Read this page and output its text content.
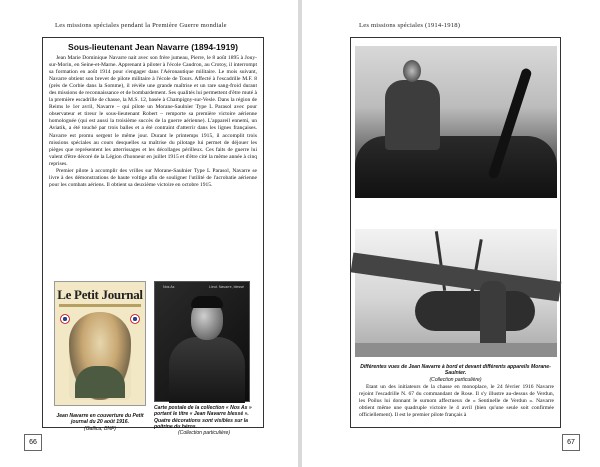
Les missions spéciales pendant la Première Guerre mondiale
Sous-lieutenant Jean Navarre (1894-1919)

Jean Marie Dominique Navarre nait avec son frère jumeau, Pierre, le 8 août 1895 à Jouy-sur-Morin, en Seine-et-Marne. Apprenant à piloter à l'école Caudron, au Crotoy, il interrompt sa formation en août 1914 pour s'engager dans l'Aéronautique militaire. Le mois suivant, Navarre obtient son brevet de pilote militaire à l'école de Tours. Affecté à l'escadrille M.F. 8 (près de Corbie dans la Somme), il révèle une grande maîtrise et un rare sang-froid durant des missions de reconnaissance et de bombardement. Ses qualités lui permettent d'être muté à la première escadrille de chasse, la M.S. 12, basée à Champigny-sur-Vesle. Dans la région de Reims le 1er avril, Navarre – qui pilote un Morane-Saulnier Type L Parasol avec pour observateur et tireur le sous-lieutenant Robert – remporte sa première victoire aérienne homologuée (qui est aussi la troisième succès de la guerre aérienne). L'appareil ennemi, un Aviatik, a été touché par trois balles et a été contraint d'atterrir dans les lignes françaises. Navarre est promu sergent le même jour. Durant le printemps 1915, il accomplit trois missions spéciales au cours desquelles sa maîtrise du pilotage lui permet de déjouer les pièges que représentent les atterrissages et les décollages périlleux. Ces faits de guerre lui valent d'être décoré de la Légion d'honneur en juillet 1915 et d'être cité la même année à cinq reprises.

Premier pilote à accomplir des vrilles sur Morane-Saulnier Type L Parasol, Navarre se livre à des démonstrations de haute voltige afin de souligner l'utilité de l'acrobatie aérienne pour les combats aériens. Il obtient sa deuxième victoire en octobre 1915.

Le Petit Journal
Jean Navarre en couverture du Petit journal du 20 août 1916.
(Gallica, BNF)
Nos As	Lieut. Navarre, blessé
Carte postale de la collection « Nos As » portant le titre « Jean Navarre blessé ». Quatre décorations sont visibles sur la poitrine du héros.
(Collection particulière)
66
Les missions spéciales (1914-1918)
Différentes vues de Jean Navarre à bord et devant différents appareils Morane-Saulnier.
(Collection particulière)

Étant un des initiateurs de la chasse en monoplace, le 24 février 1916 Navarre rejoint l'escadrille N. 67 du commandant de Rose. Il s'y illustre au-dessus de Verdun, les Poilus lui donnant le surnom affectueux de « Sentinelle de Verdun ». Navarre obtient même une quadruple victoire le 4 avril (bien qu'une seule soit confirmée officiellement). Il est le premier pilote français à

67
